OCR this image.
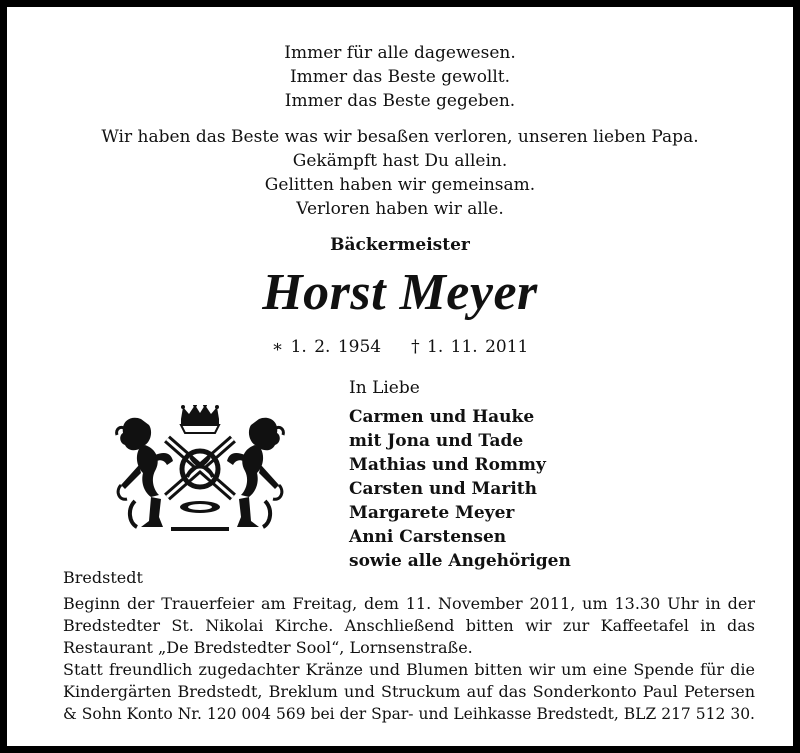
Immer für alle dagewesen.
Immer das Beste gewollt.
Immer das Beste gegeben.
Wir haben das Beste was wir besaßen verloren, unseren lieben Papa.
Gekämpft hast Du allein.
Gelitten haben wir gemeinsam.
Verloren haben wir alle.
Bäckermeister
Horst Meyer
∗ 1. 2. 1954 † 1. 11. 2011
In Liebe
Carmen und Hauke
mit Jona und Tade
Mathias und Rommy
Carsten und Marith
Margarete Meyer
Anni Carstensen
sowie alle Angehörigen
Bredstedt
Beginn der Trauerfeier am Freitag, dem 11. November 2011, um 13.30 Uhr in der
Bredstedter St. Nikolai Kirche. Anschließend bitten wir zur Kaffeetafel in das
Restaurant „De Bredstedter Sool“, Lornsenstraße.
Statt freundlich zugedachter Kränze und Blumen bitten wir um eine Spende für die
Kindergärten Bredstedt, Breklum und Struckum auf das Sonderkonto Paul Petersen
& Sohn Konto Nr. 120 004 569 bei der Spar- und Leihkasse Bredstedt, BLZ 217 512 30.
